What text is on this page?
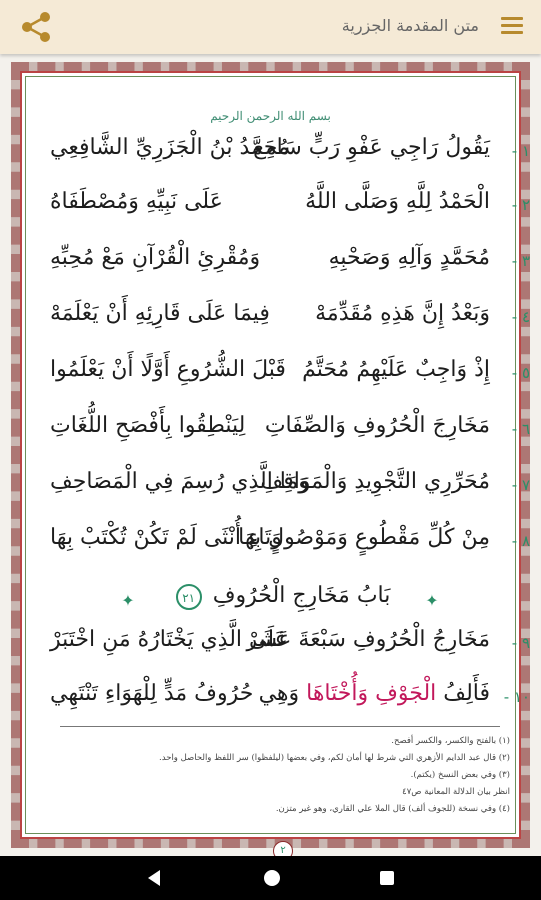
متن المقدمة الجزرية
بسم الله الرحمن الرحيم
١ -
يَقُولُ رَاجِي عَفْوِ رَبٍّ سَامِع
مُحَمَّدُ بْنُ الْجَزَرِيِّ الشَّافِعِي
٢ -
الْحَمْدُ لِلَّهِ وَصَلَّى اللَّهُ
عَلَى نَبِيِّهِ وَمُصْطَفَاهُ
٣ -
مُحَمَّدٍ وَآلِهِ وَصَحْبِهِ
وَمُقْرِئِ الْقُرْآنِ مَعْ مُحِبِّهِ
٤ -
وَبَعْدُ إِنَّ هَذِهِ مُقَدِّمَهْ
فِيمَا عَلَى قَارِئِهِ أَنْ يَعْلَمَهْ
٥ -
إِذْ وَاجِبٌ عَلَيْهِمُ مُحَتَّمُ
قَبْلَ الشُّرُوعِ أَوَّلًا أَنْ يَعْلَمُوا
٦ -
مَخَارِجَ الْحُرُوفِ وَالصِّفَاتِ
لِيَنْطِقُوا بِأَفْصَحِ اللُّغَاتِ
٧ -
مُحَرِّرِي التَّجْوِيدِ وَالْمَوَاقِفِ
وَمَا الَّذِي رُسِمَ فِي الْمَصَاحِفِ
٨ -
مِنْ كُلِّ مَقْطُوعٍ وَمَوْصُولٍ بِهَا
وَتَاءِ أُنْثَى لَمْ تَكُنْ تُكْتَبْ بِهَا
✦
بَابُ مَخَارِجِ الْحُرُوفِ ٢١
✦
٩ -
مَخَارِجُ الْحُرُوفِ سَبْعَةَ عَشَرْ
عَلَى الَّذِي يَخْتَارُهُ مَنِ اخْتَبَرْ
١٠ -
فَأَلِفُ الْجَوْفِ وَأُخْتَاهَا وَهِي
حُرُوفُ مَدٍّ لِلْهَوَاءِ تَنْتَهِي
(١) بالفتح والكسر، والكسر أفصح.
(٢) قال عبد الدايم الأزهري التي شرط لها أمان لكم، وفي بعضها (ليلفظوا) سر اللفظ والحاصل واحد.
(٣) وفي بعض النسخ (يكتم).
انظر بيان الدلالة المعانية ص٤٧
(٤) وفي نسخة (للجوف ألف) قال الملا علي القاري، وهو غير متزن.
٢
